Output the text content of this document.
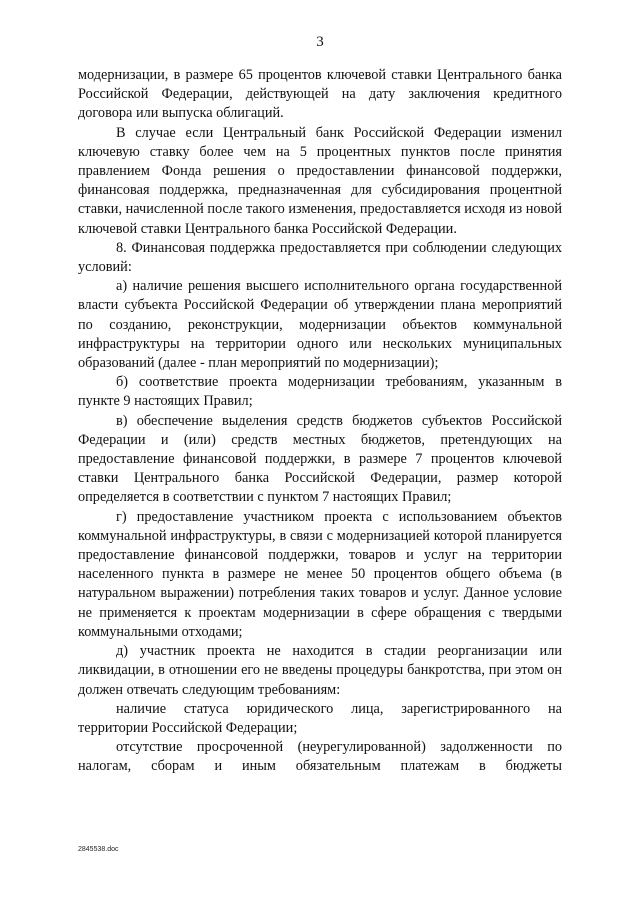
3

модернизации, в размере 65 процентов ключевой ставки Центрального банка Российской Федерации, действующей на дату заключения кредитного договора или выпуска облигаций.

В случае если Центральный банк Российской Федерации изменил ключевую ставку более чем на 5 процентных пунктов после принятия правлением Фонда решения о предоставлении финансовой поддержки, финансовая поддержка, предназначенная для субсидирования процентной ставки, начисленной после такого изменения, предоставляется исходя из новой ключевой ставки Центрального банка Российской Федерации.

8. Финансовая поддержка предоставляется при соблюдении следующих условий:

а) наличие решения высшего исполнительного органа государственной власти субъекта Российской Федерации об утверждении плана мероприятий по созданию, реконструкции, модернизации объектов коммунальной инфраструктуры на территории одного или нескольких муниципальных образований (далее - план мероприятий по модернизации);

б) соответствие проекта модернизации требованиям, указанным в пункте 9 настоящих Правил;

в) обеспечение выделения средств бюджетов субъектов Российской Федерации и (или) средств местных бюджетов, претендующих на предоставление финансовой поддержки, в размере 7 процентов ключевой ставки Центрального банка Российской Федерации, размер которой определяется в соответствии с пунктом 7 настоящих Правил;

г) предоставление участником проекта с использованием объектов коммунальной инфраструктуры, в связи с модернизацией которой планируется предоставление финансовой поддержки, товаров и услуг на территории населенного пункта в размере не менее 50 процентов общего объема (в натуральном выражении) потребления таких товаров и услуг. Данное условие не применяется к проектам модернизации в сфере обращения с твердыми коммунальными отходами;

д) участник проекта не находится в стадии реорганизации или ликвидации, в отношении его не введены процедуры банкротства, при этом он должен отвечать следующим требованиям:

наличие статуса юридического лица, зарегистрированного на территории Российской Федерации;

отсутствие просроченной (неурегулированной) задолженности по налогам, сборам и иным обязательным платежам в бюджеты

2845538.doc
